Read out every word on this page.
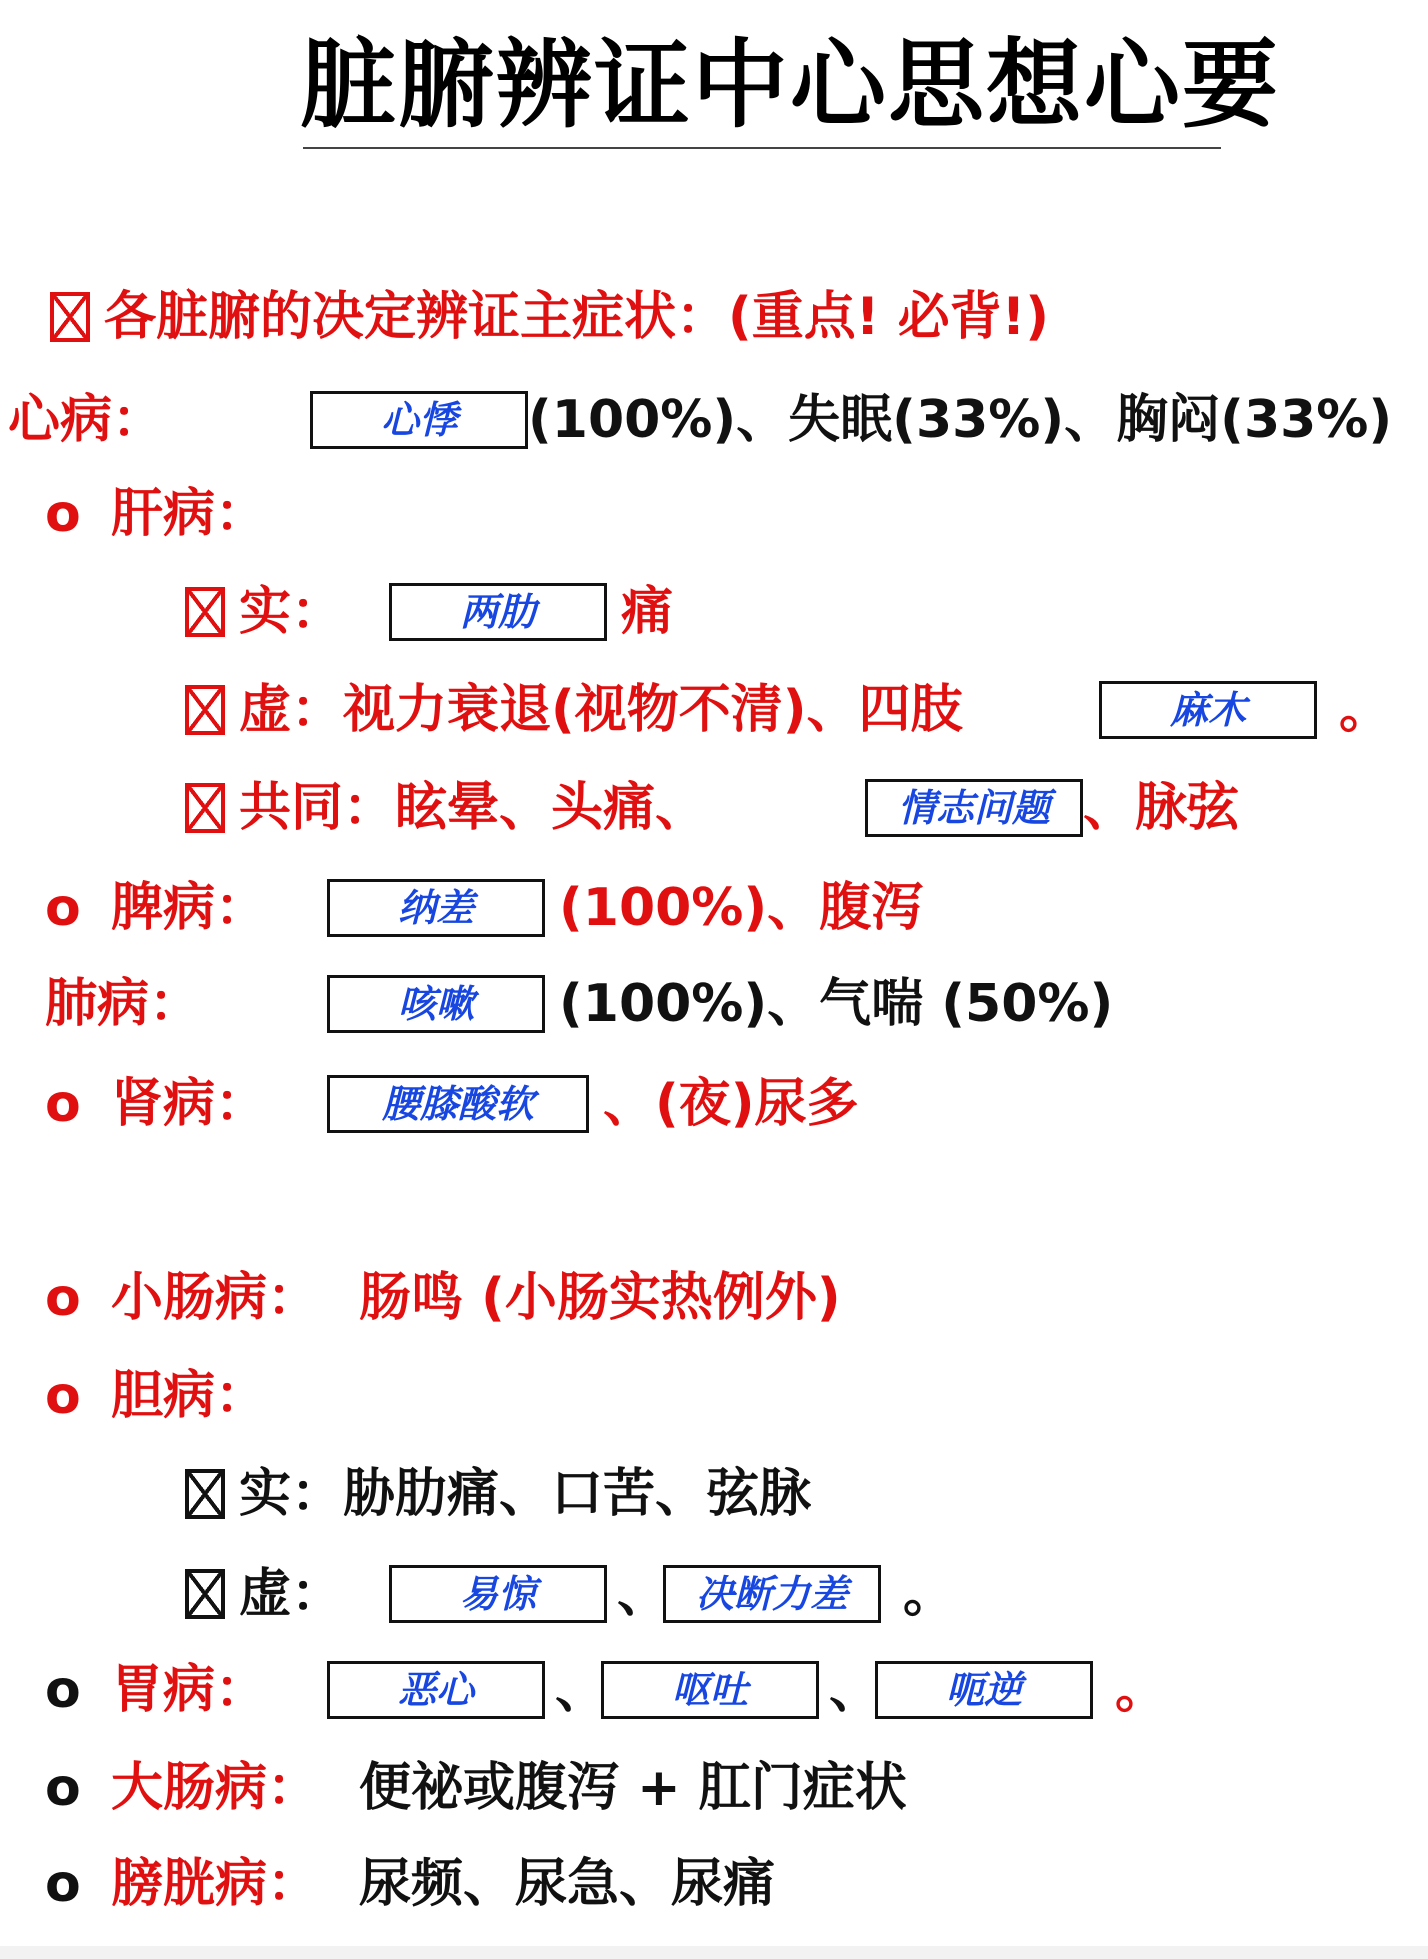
脏腑辨证中心思想心要
各脏腑的决定辨证主症状：(重点! 必背!)
心病：	心悸	(100%)、失眠(33%)、胸闷(33%)
o 肝病：
实：	两肋	痛
虚：视力衰退(视物不清)、四肢	麻木	。
共同：眩晕、头痛、	情志问题 、脉弦
o 脾病：	纳差	(100%)、腹泻
肺病：	咳嗽	(100%)、气喘 (50%)
o 肾病：	腰膝酸软	、(夜)尿多
o 小肠病： 肠鸣 (小肠实热例外)
o 胆病：
实： 胁肋痛、口苦、弦脉
虚：	易惊	、 决断力差	。
o 胃病：	恶心	、	呕吐	、	呃逆	。
o 大肠病： 便祕或腹泻 + 肛门症状
o 膀胱病： 尿频、尿急、尿痛
